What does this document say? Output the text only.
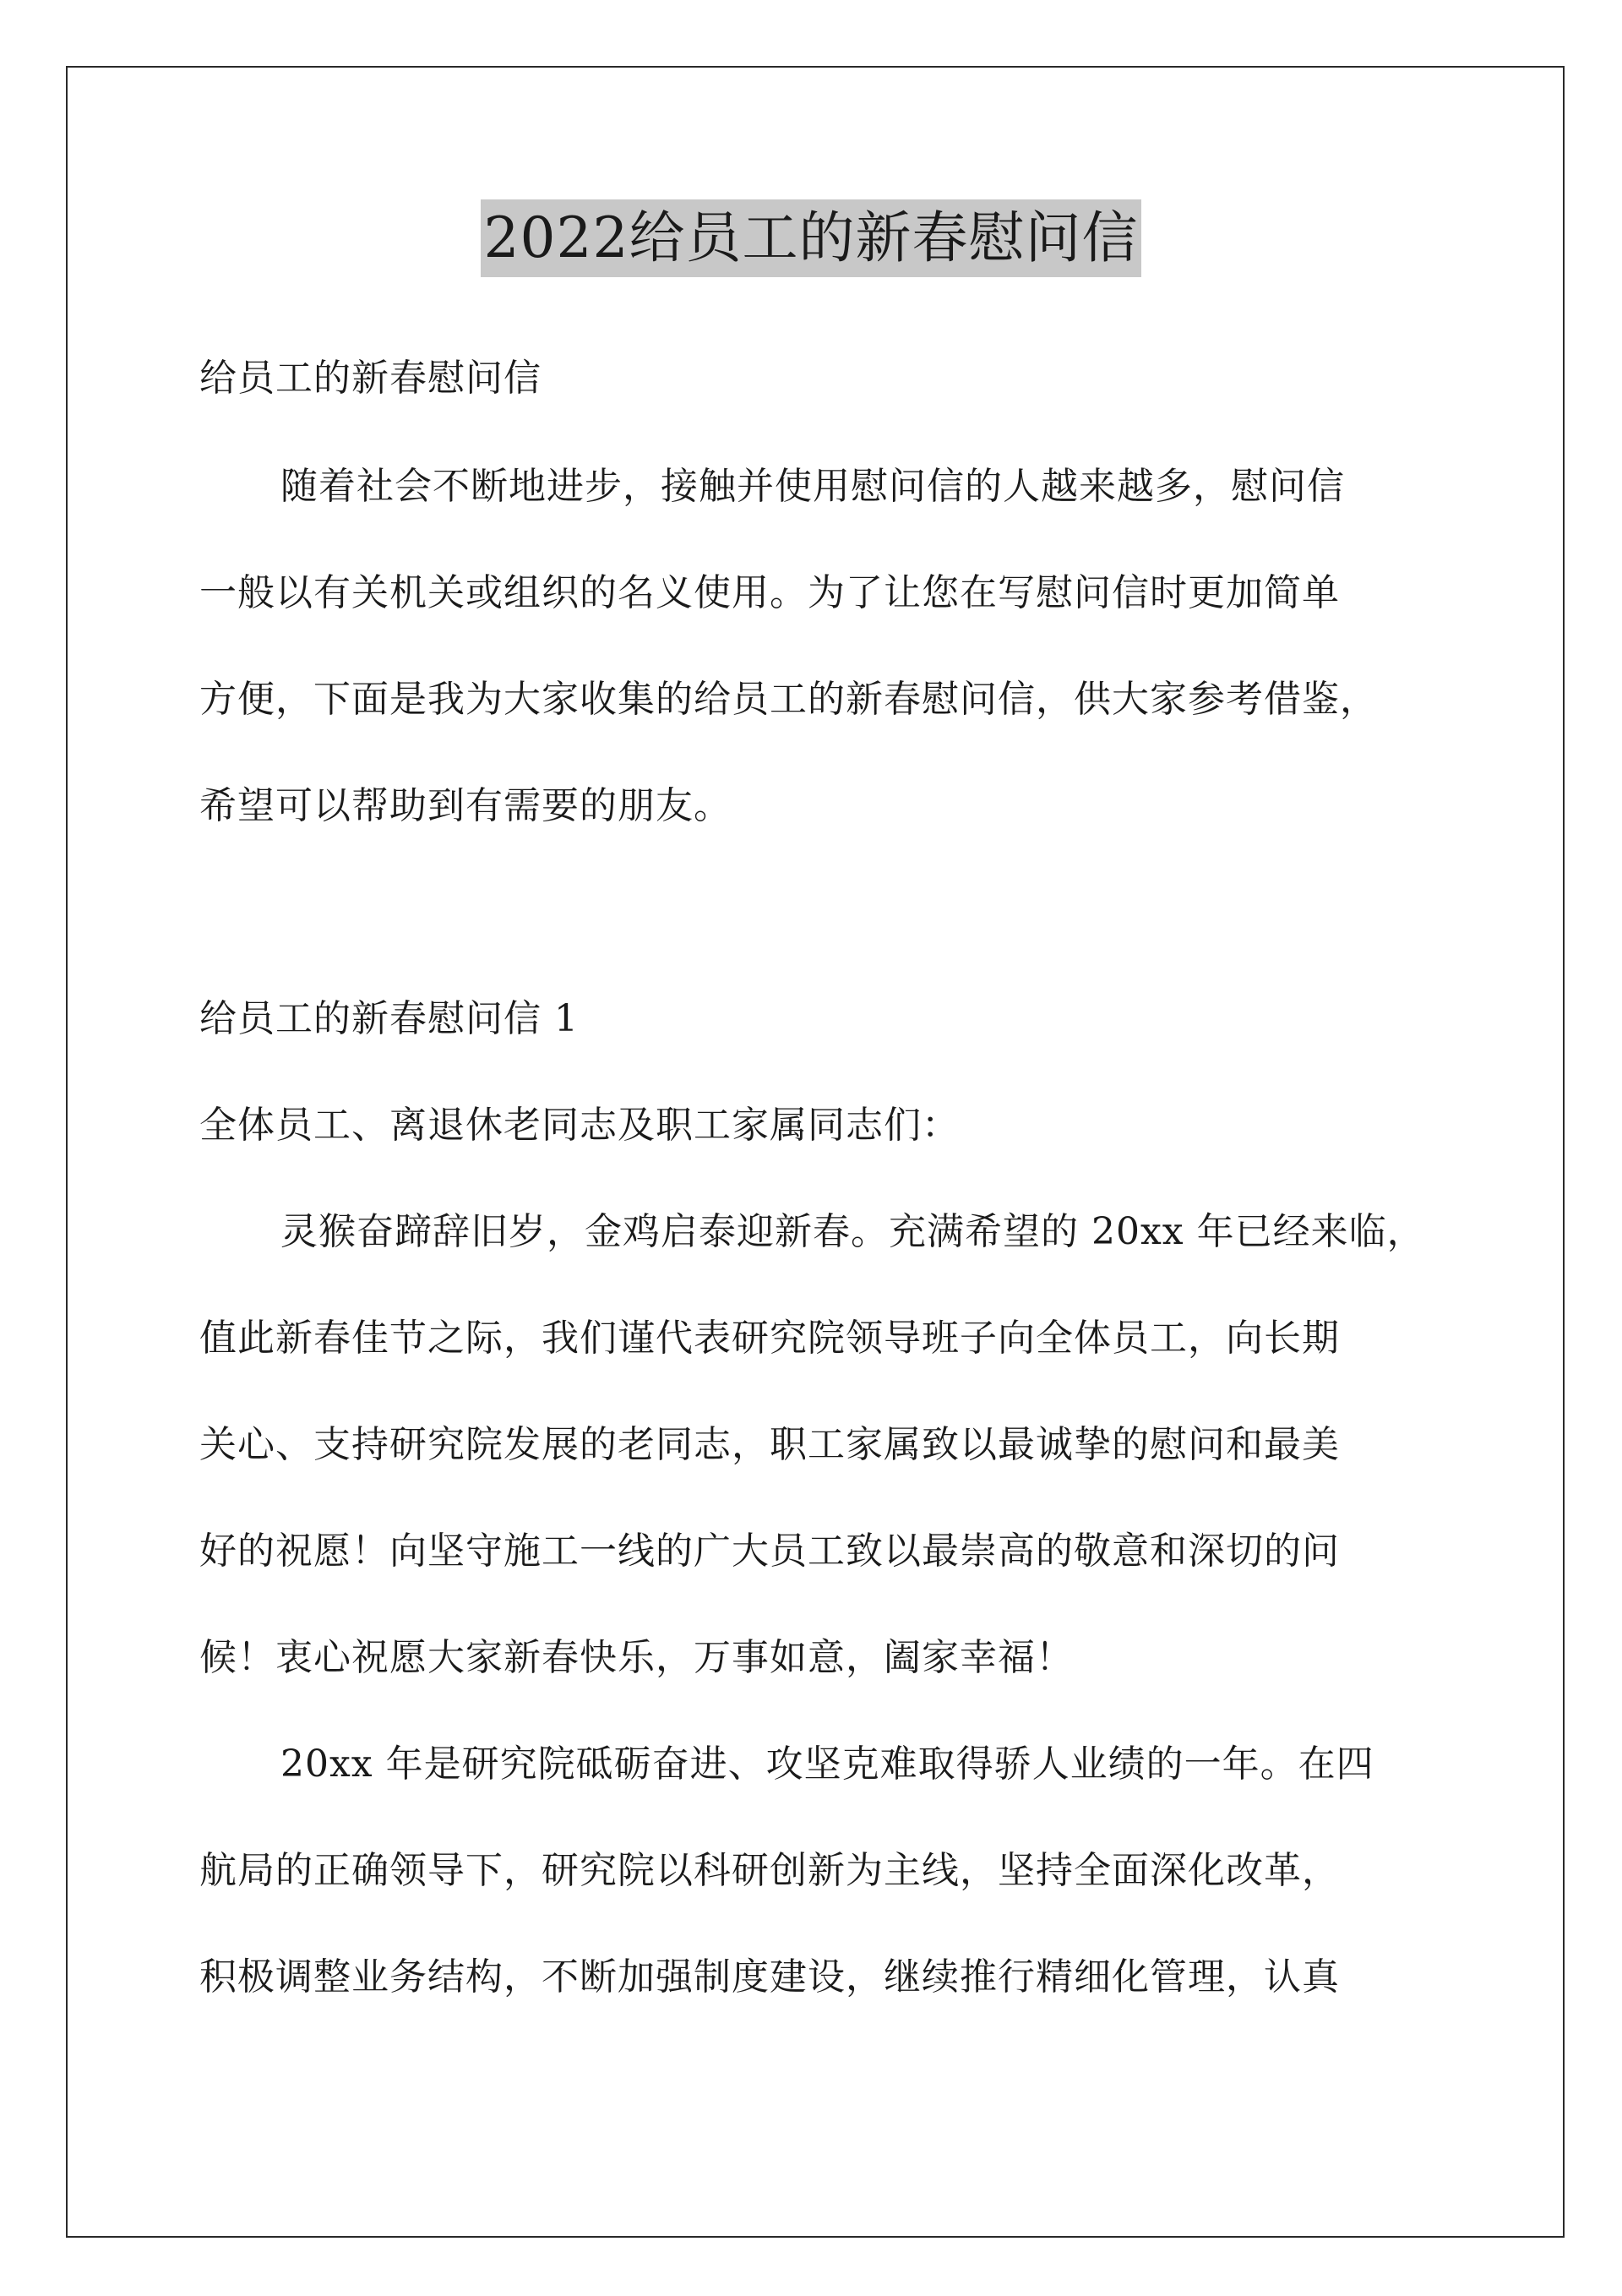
2022给员工的新春慰问信
给员工的新春慰问信
随着社会不断地进步，接触并使用慰问信的人越来越多，慰问信
一般以有关机关或组织的名义使用。为了让您在写慰问信时更加简单
方便，下面是我为大家收集的给员工的新春慰问信，供大家参考借鉴，
希望可以帮助到有需要的朋友。
给员工的新春慰问信 1
全体员工、离退休老同志及职工家属同志们：
灵猴奋蹄辞旧岁，金鸡启泰迎新春。充满希望的 20xx 年已经来临，
值此新春佳节之际，我们谨代表研究院领导班子向全体员工，向长期
关心、支持研究院发展的老同志，职工家属致以最诚挚的慰问和最美
好的祝愿！向坚守施工一线的广大员工致以最崇高的敬意和深切的问
候！衷心祝愿大家新春快乐，万事如意，阖家幸福！
20xx 年是研究院砥砺奋进、攻坚克难取得骄人业绩的一年。在四
航局的正确领导下，研究院以科研创新为主线，坚持全面深化改革，
积极调整业务结构，不断加强制度建设，继续推行精细化管理，认真
